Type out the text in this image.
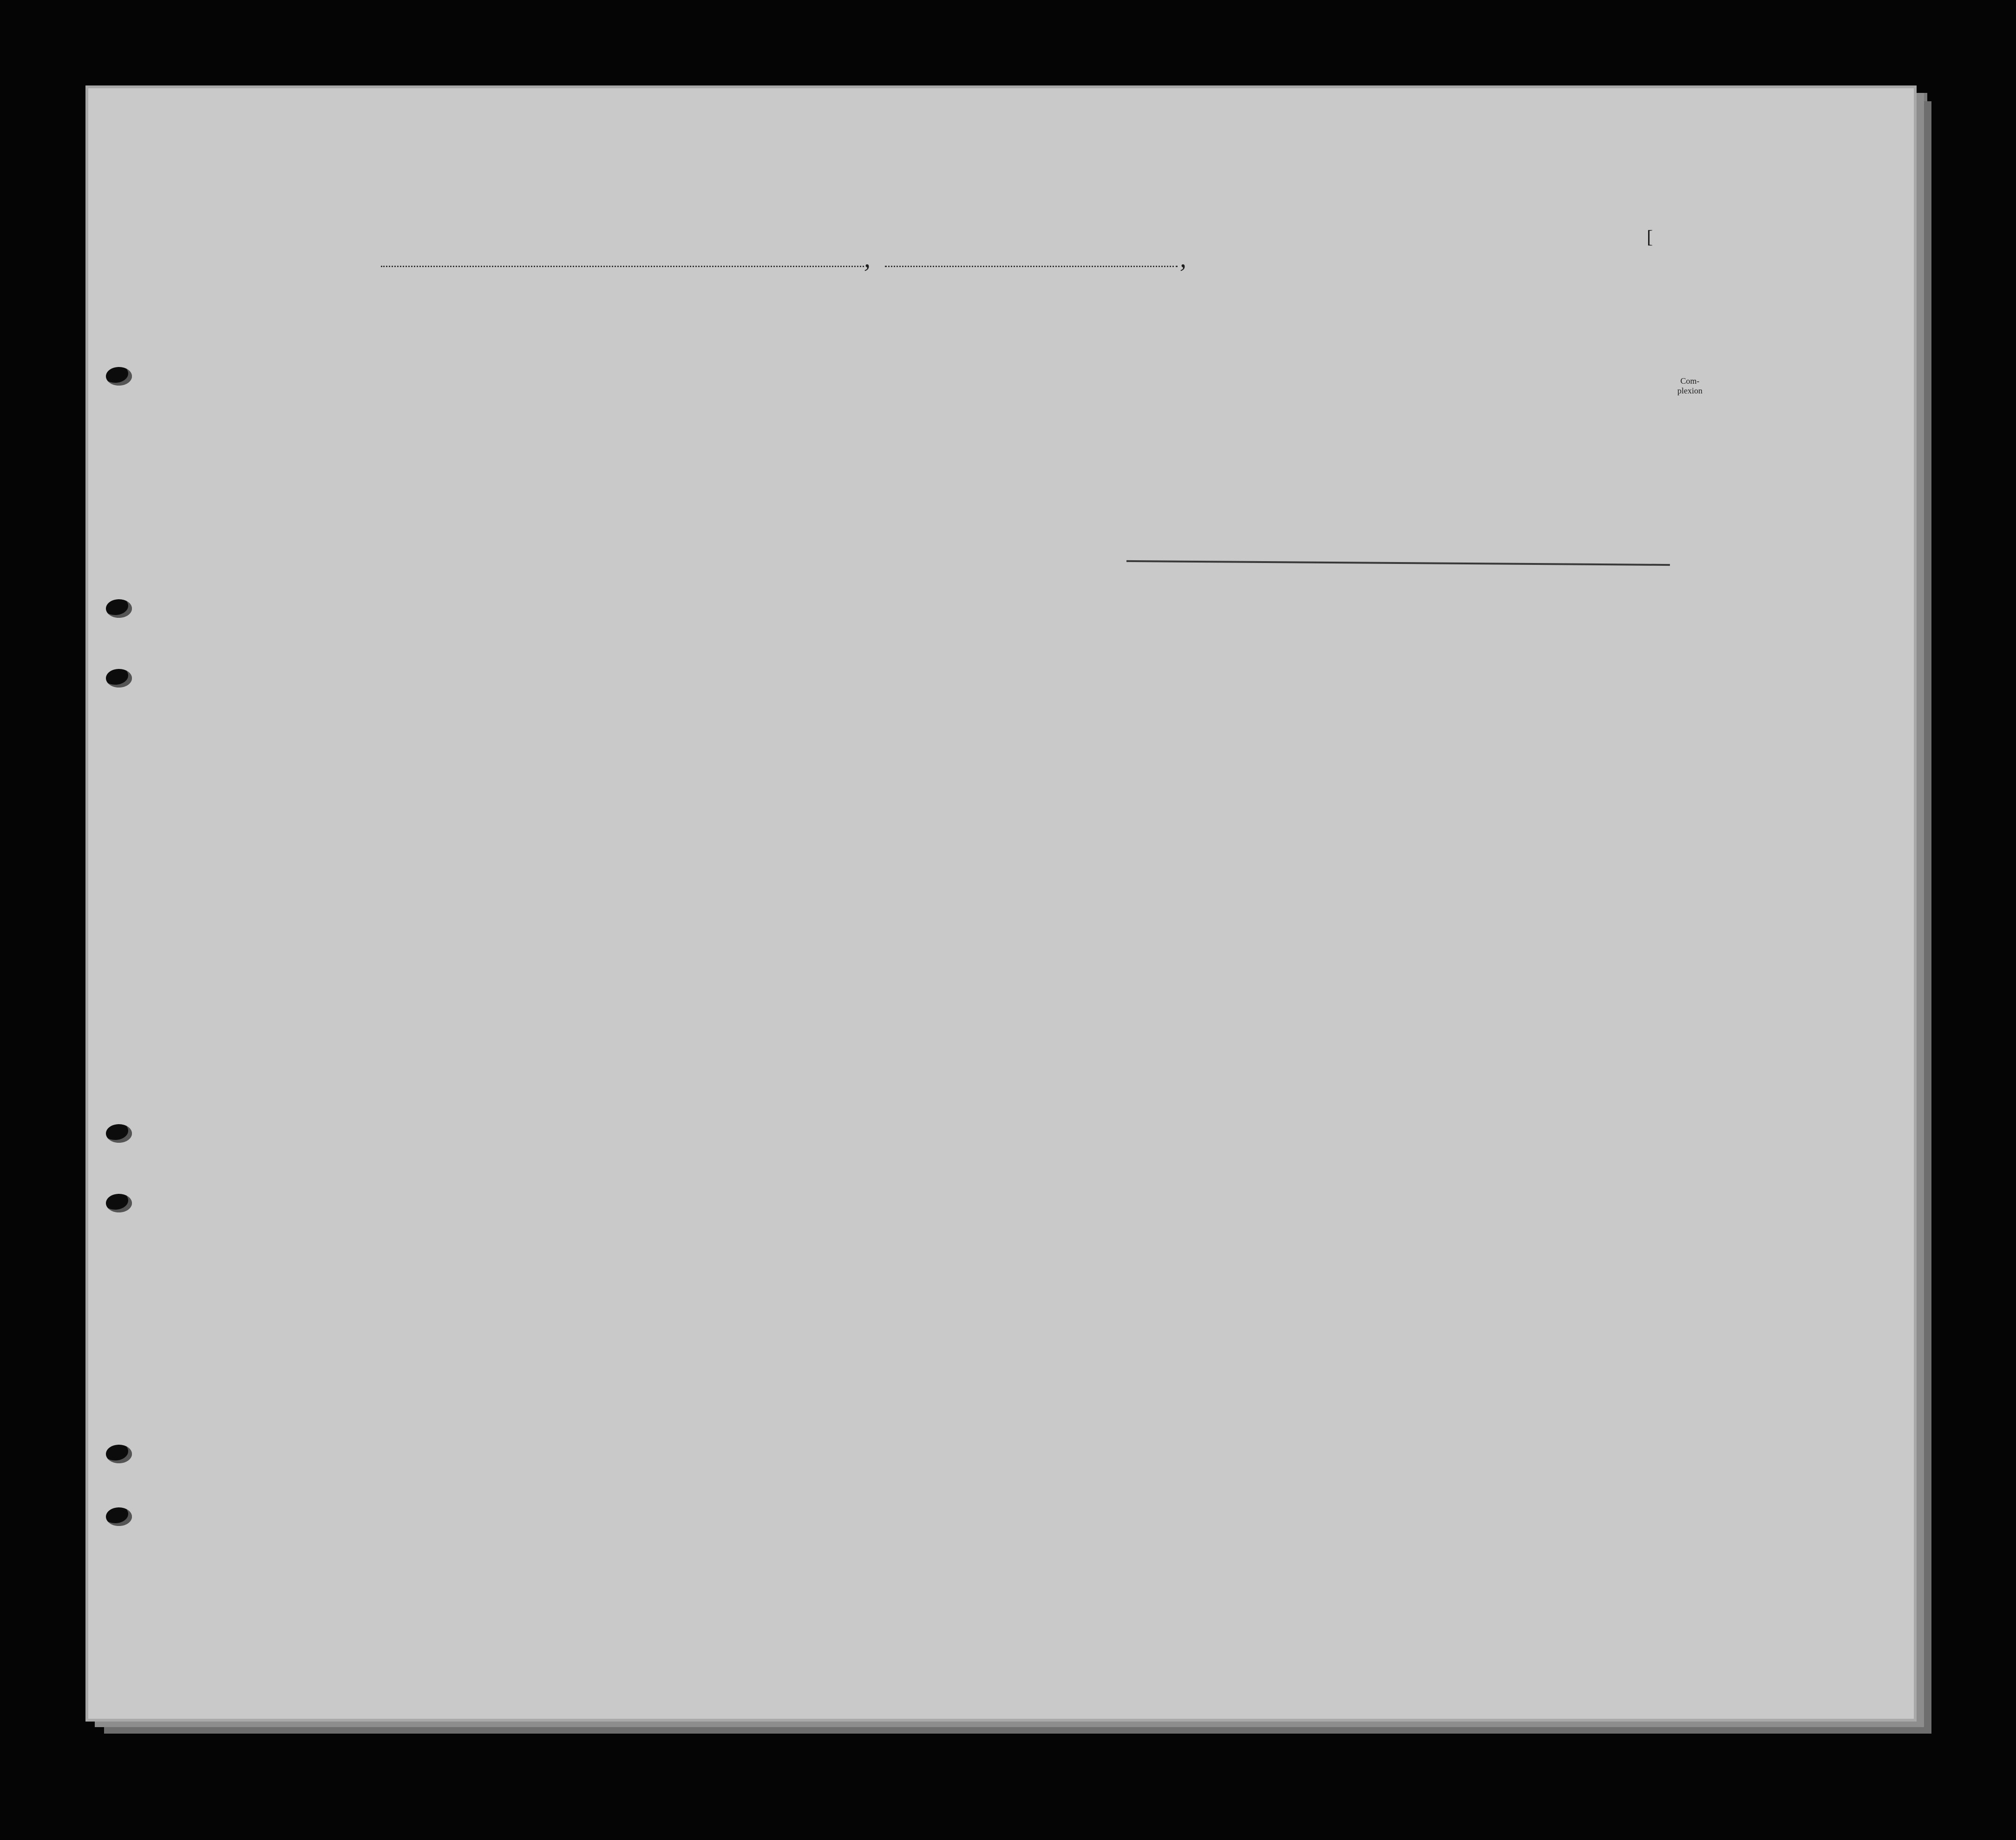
[
,	,
Com-
plexion
